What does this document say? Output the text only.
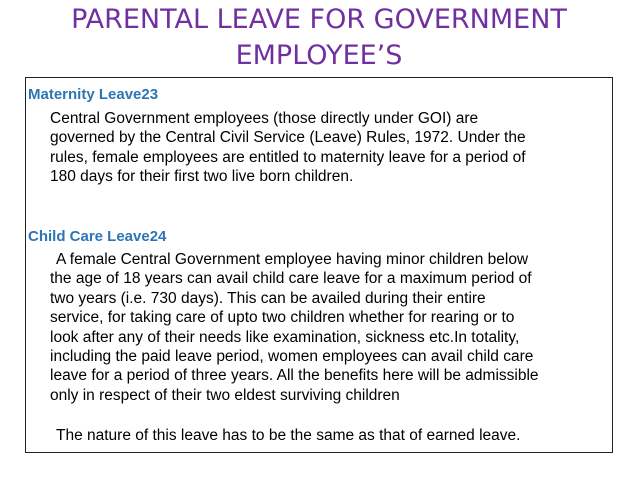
PARENTAL LEAVE FOR GOVERNMENT
EMPLOYEE’S
Maternity Leave23
Central Government employees (those directly under GOI) are
governed by the Central Civil Service (Leave) Rules, 1972. Under the
rules, female employees are entitled to maternity leave for a period of
180 days for their first two live born children.
Child Care Leave24
A female Central Government employee having minor children below
the age of 18 years can avail child care leave for a maximum period of
two years (i.e. 730 days). This can be availed during their entire
service, for taking care of upto two children whether for rearing or to
look after any of their needs like examination, sickness etc.In totality,
including the paid leave period, women employees can avail child care
leave for a period of three years. All the benefits here will be admissible
only in respect of their two eldest surviving children
The nature of this leave has to be the same as that of earned leave.
